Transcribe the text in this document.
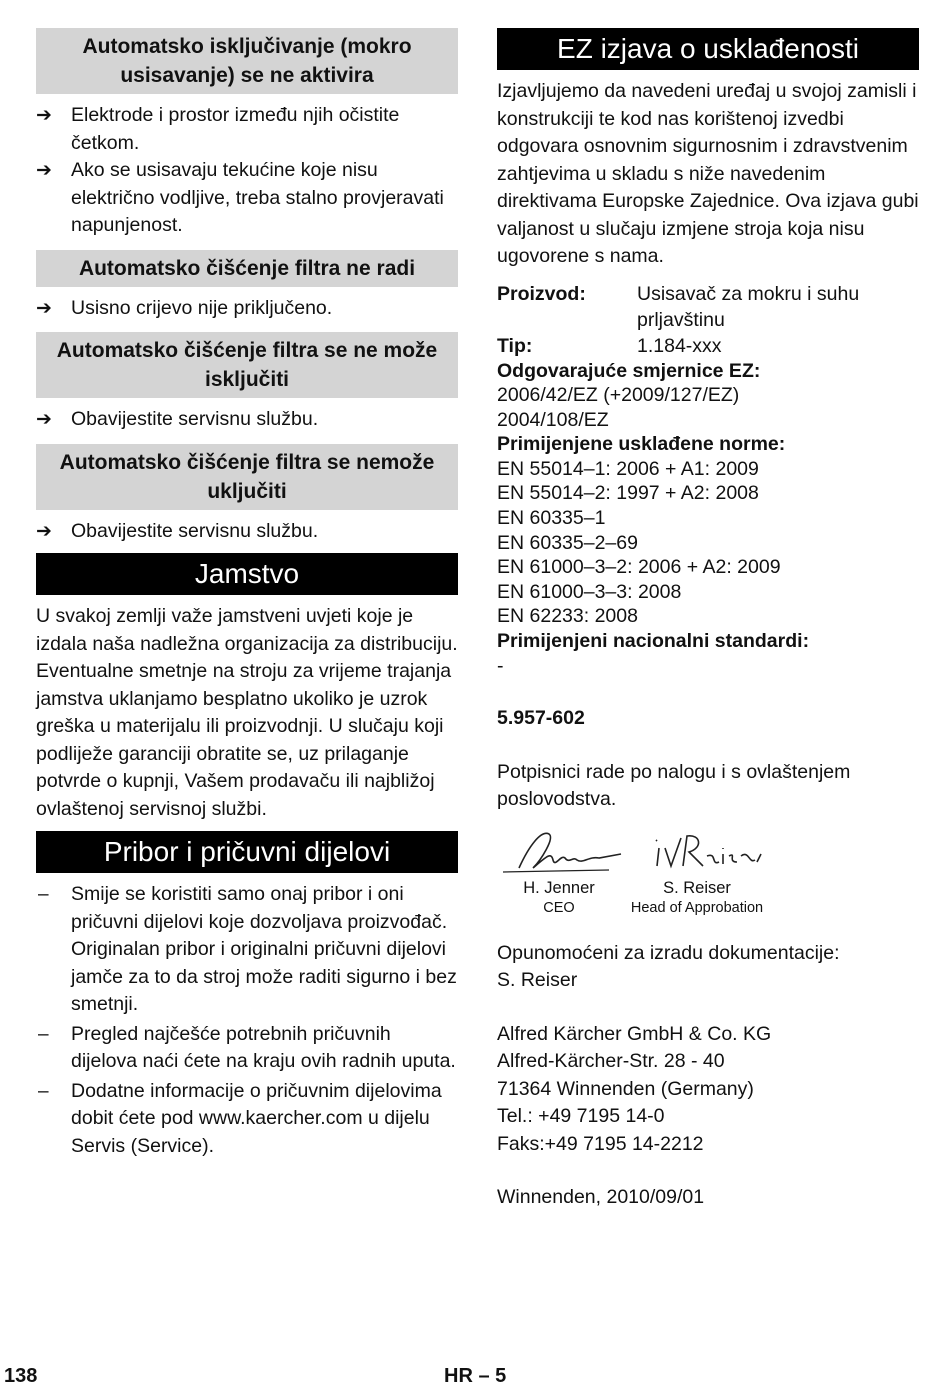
Automatsko isključivanje (mokro usisavanje) se ne aktivira
➔ Elektrode i prostor između njih očistite četkom.
➔ Ako se usisavaju tekućine koje nisu električno vodljive, treba stalno provjeravati napunjenost.
Automatsko čišćenje filtra ne radi
➔ Usisno crijevo nije priključeno.
Automatsko čišćenje filtra se ne može isključiti
➔ Obavijestite servisnu službu.
Automatsko čišćenje filtra se nemože uključiti
➔ Obavijestite servisnu službu.
Jamstvo
U svakoj zemlji važe jamstveni uvjeti koje je izdala naša nadležna organizacija za distribuciju. Eventualne smetnje na stroju za vrijeme trajanja jamstva uklanjamo besplatno ukoliko je uzrok greška u materijalu ili proizvodnji. U slučaju koji podliježe garanciji obratite se, uz prilaganje potvrde o kupnji, Vašem prodavaču ili najbližoj ovlaštenoj servisnoj službi.
Pribor i pričuvni dijelovi
– Smije se koristiti samo onaj pribor i oni pričuvni dijelovi koje dozvoljava proizvođač. Originalan pribor i originalni pričuvni dijelovi jamče za to da stroj može raditi sigurno i bez smetnji.
– Pregled najčešće potrebnih pričuvnih dijelova naći ćete na kraju ovih radnih uputa.
– Dodatne informacije o pričuvnim dijelovima dobit ćete pod www.kaercher.com u dijelu Servis (Service).
EZ izjava o usklađenosti
Izjavljujemo da navedeni uređaj u svojoj zamisli i konstrukciji te kod nas korištenoj izvedbi odgovara osnovnim sigurnosnim i zdravstvenim zahtjevima u skladu s niže navedenim direktivama Europske Zajednice. Ova izjava gubi valjanost u slučaju izmjene stroja koja nisu ugovorene s nama.
Proizvod:	Usisavač za mokru i suhu prljavštinu
Tip:	1.184-xxx
Odgovarajuće smjernice EZ:
2006/42/EZ (+2009/127/EZ)
2004/108/EZ
Primijenjene usklađene norme:
EN 55014–1: 2006 + A1: 2009
EN 55014–2: 1997 + A2: 2008
EN 60335–1
EN 60335–2–69
EN 61000–3–2: 2006 + A2: 2009
EN 61000–3–3: 2008
EN 62233: 2008
Primijenjeni nacionalni standardi:
-
5.957-602
Potpisnici rade po nalogu i s ovlaštenjem poslovodstva.
H. Jenner
CEO
S. Reiser
Head of Approbation
Opunomoćeni za izradu dokumentacije:
S. Reiser
Alfred Kärcher GmbH & Co. KG
Alfred-Kärcher-Str. 28 - 40
71364 Winnenden (Germany)
Tel.: +49 7195 14-0
Faks:+49 7195 14-2212
Winnenden, 2010/09/01
138	HR – 5
